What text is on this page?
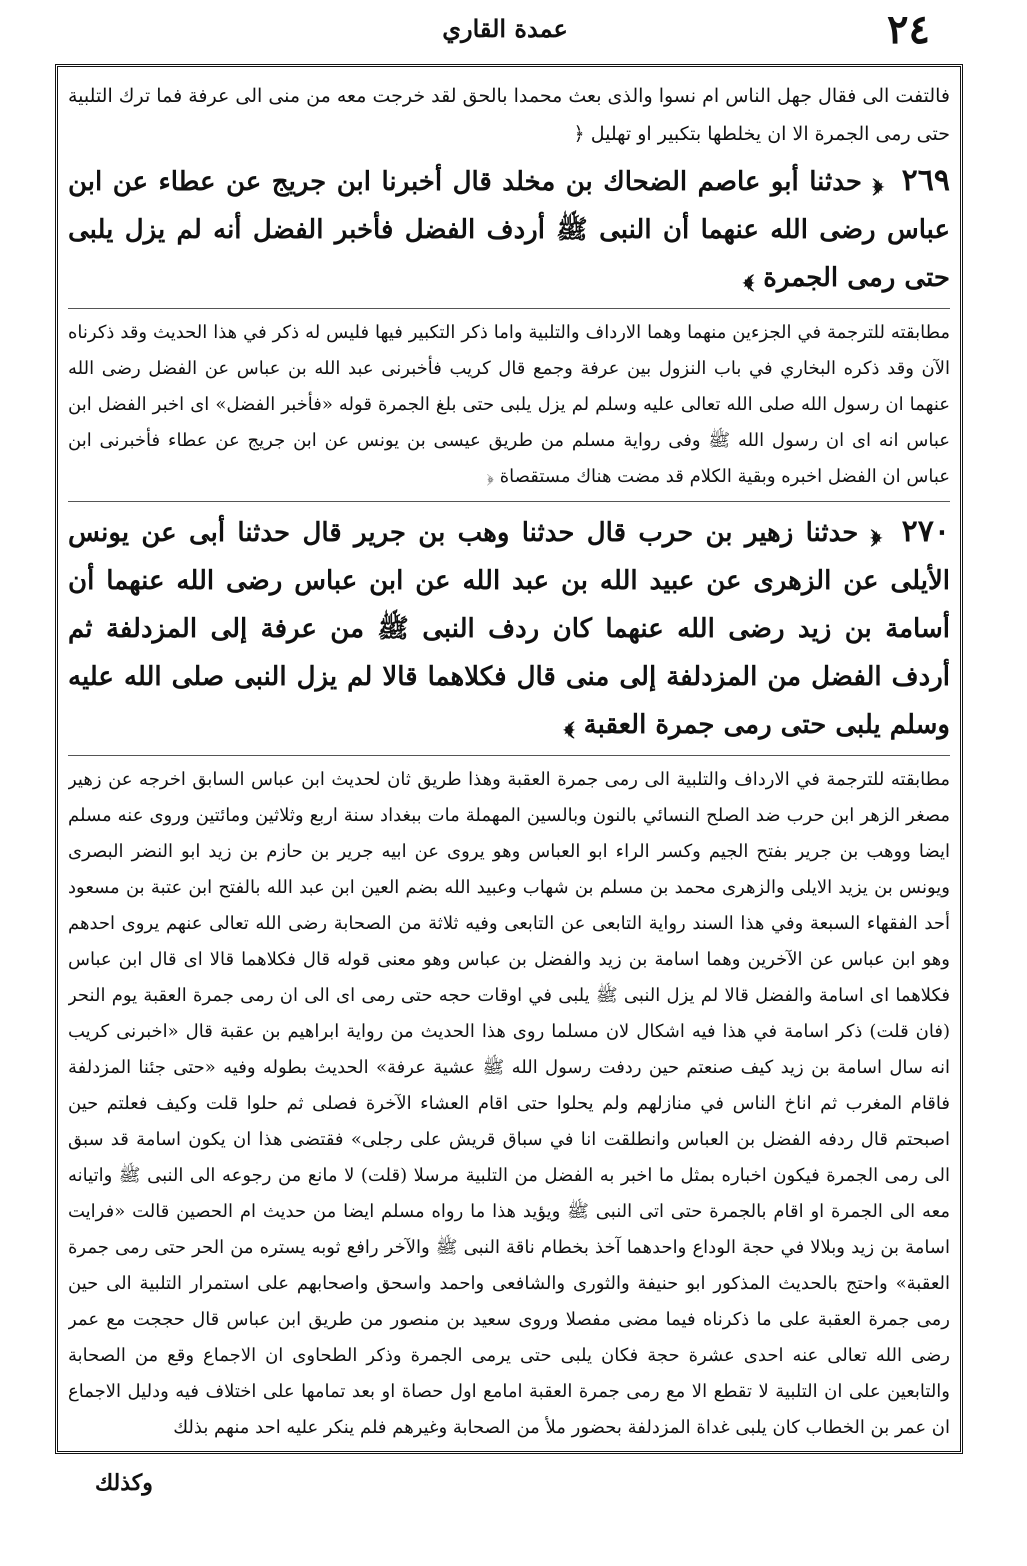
عمدة القاري	٢٤

فالتفت الى فقال جهل الناس ام نسوا والذى بعث محمدا بالحق لقد خرجت معه من منى الى عرفة فما ترك التلبية حتى رمى الجمرة الا ان يخلطها بتكبير او تهليل ﴿

٢٦٩ ﴿ حدثنا أبو عاصم الضحاك بن مخلد قال أخبرنا ابن جريج عن عطاء عن ابن عباس رضى الله عنهما أن النبى ﷺ أردف الفضل فأخبر الفضل أنه لم يزل يلبى حتى رمى الجمرة ﴾

مطابقته للترجمة في الجزءين منهما وهما الارداف والتلبية واما ذكر التكبير فيها فليس له ذكر في هذا الحديث وقد ذكرناه الآن وقد ذكره البخاري في باب النزول بين عرفة وجمع قال كريب فأخبرنى عبد الله بن عباس عن الفضل رضى الله عنهما ان رسول الله صلى الله تعالى عليه وسلم لم يزل يلبى حتى بلغ الجمرة قوله «فأخبر الفضل» اى اخبر الفضل ابن عباس انه اى ان رسول الله ﷺ وفى رواية مسلم من طريق عيسى بن يونس عن ابن جريج عن عطاء فأخبرنى ابن عباس ان الفضل اخبره وبقية الكلام قد مضت هناك مستقصاة ﴿

٢٧٠ ﴿ حدثنا زهير بن حرب قال حدثنا وهب بن جرير قال حدثنا أبى عن يونس الأيلى عن الزهرى عن عبيد الله بن عبد الله عن ابن عباس رضى الله عنهما أن أسامة بن زيد رضى الله عنهما كان ردف النبى ﷺ من عرفة إلى المزدلفة ثم أردف الفضل من المزدلفة إلى منى قال فكلاهما قالا لم يزل النبى صلى الله عليه وسلم يلبى حتى رمى جمرة العقبة ﴾

مطابقته للترجمة في الارداف والتلبية الى رمى جمرة العقبة وهذا طريق ثان لحديث ابن عباس السابق اخرجه عن زهير مصغر الزهر ابن حرب ضد الصلح النسائي بالنون وبالسين المهملة مات ببغداد سنة اربع وثلاثين ومائتين وروى عنه مسلم ايضا ووهب بن جرير بفتح الجيم وكسر الراء ابو العباس وهو يروى عن ابيه جرير بن حازم بن زيد ابو النضر البصرى ويونس بن يزيد الايلى والزهرى محمد بن مسلم بن شهاب وعبيد الله بضم العين ابن عبد الله بالفتح ابن عتبة بن مسعود أحد الفقهاء السبعة وفي هذا السند رواية التابعى عن التابعى وفيه ثلاثة من الصحابة رضى الله تعالى عنهم يروى احدهم وهو ابن عباس عن الآخرين وهما اسامة بن زيد والفضل بن عباس وهو معنى قوله قال فكلاهما قالا اى قال ابن عباس فكلاهما اى اسامة والفضل قالا لم يزل النبى ﷺ يلبى في اوقات حجه حتى رمى اى الى ان رمى جمرة العقبة يوم النحر (فان قلت) ذكر اسامة في هذا فيه اشكال لان مسلما روى هذا الحديث من رواية ابراهيم بن عقبة قال «اخبرنى كريب انه سال اسامة بن زيد كيف صنعتم حين ردفت رسول الله ﷺ عشية عرفة» الحديث بطوله وفيه «حتى جئنا المزدلفة فاقام المغرب ثم اناخ الناس في منازلهم ولم يحلوا حتى اقام العشاء الآخرة فصلى ثم حلوا قلت وكيف فعلتم حين اصبحتم قال ردفه الفضل بن العباس وانطلقت انا في سباق قريش على رجلى» فقتضى هذا ان يكون اسامة قد سبق الى رمى الجمرة فيكون اخباره بمثل ما اخبر به الفضل من التلبية مرسلا (قلت) لا مانع من رجوعه الى النبى ﷺ واتيانه معه الى الجمرة او اقام بالجمرة حتى اتى النبى ﷺ ويؤيد هذا ما رواه مسلم ايضا من حديث ام الحصين قالت «فرايت اسامة بن زيد وبلالا في حجة الوداع واحدهما آخذ بخطام ناقة النبى ﷺ والآخر رافع ثوبه يستره من الحر حتى رمى جمرة العقبة» واحتج بالحديث المذكور ابو حنيفة والثورى والشافعى واحمد واسحق واصحابهم على استمرار التلبية الى حين رمى جمرة العقبة على ما ذكرناه فيما مضى مفصلا وروى سعيد بن منصور من طريق ابن عباس قال حججت مع عمر رضى الله تعالى عنه احدى عشرة حجة فكان يلبى حتى يرمى الجمرة وذكر الطحاوى ان الاجماع وقع من الصحابة والتابعين على ان التلبية لا تقطع الا مع رمى جمرة العقبة امامع اول حصاة او بعد تمامها على اختلاف فيه ودليل الاجماع ان عمر بن الخطاب كان يلبى غداة المزدلفة بحضور ملأ من الصحابة وغيرهم فلم ينكر عليه احد منهم بذلك

وكذلك
